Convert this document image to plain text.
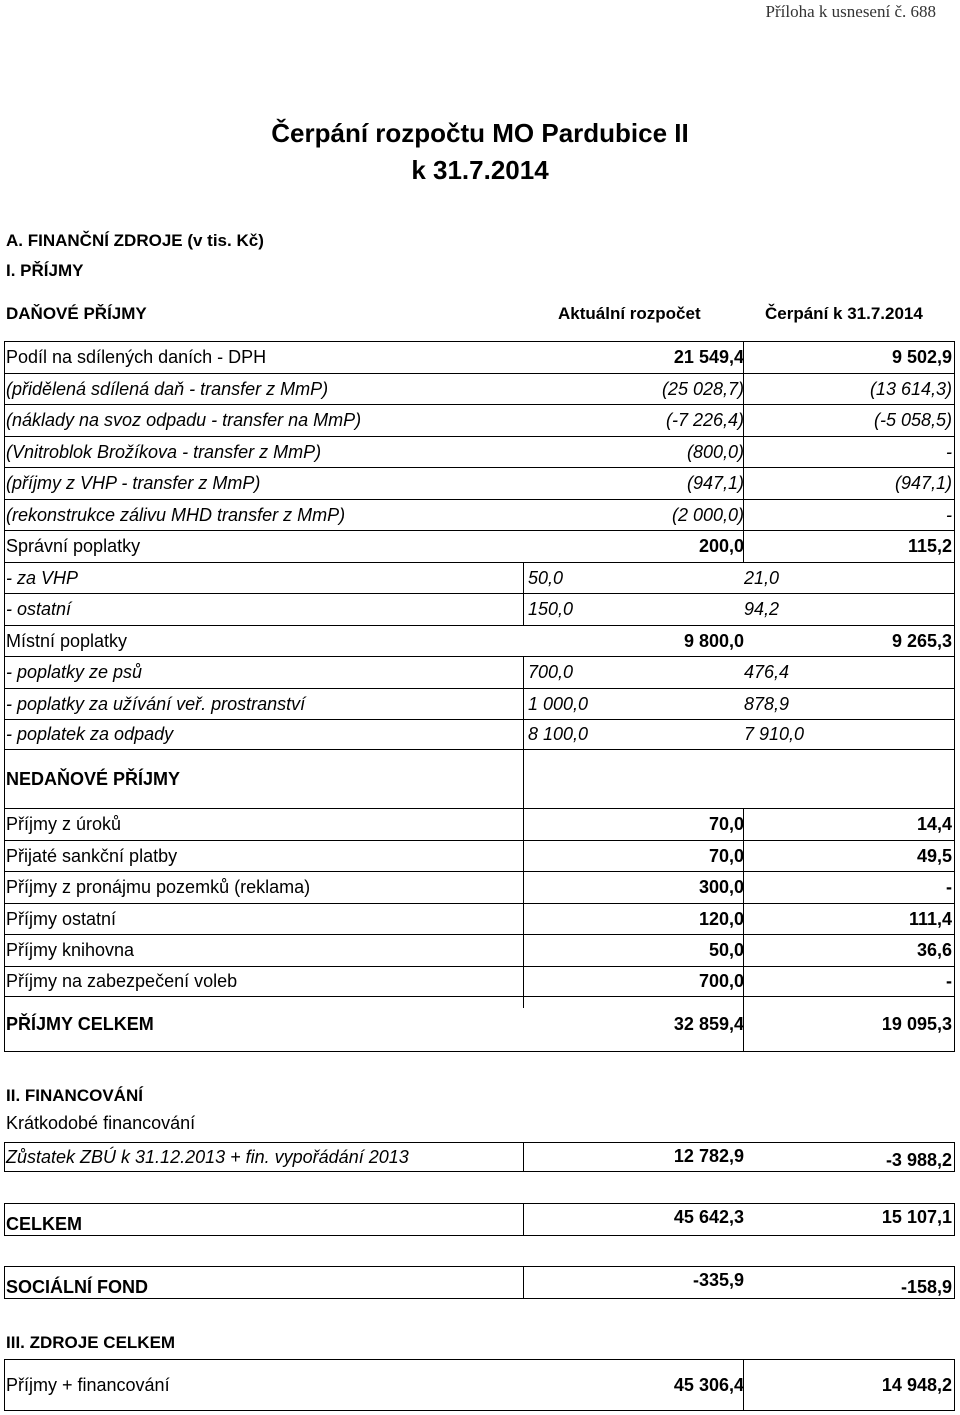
Příloha k usnesení č. 688
Čerpání rozpočtu MO Pardubice II
k 31.7.2014
A. FINANČNÍ ZDROJE (v tis. Kč)
I. PŘÍJMY
DAŇOVÉ PŘÍJMY	Aktuální rozpočet	Čerpání k 31.7.2014
Podíl na sdílených daních - DPH	21 549,4	9 502,9
(přidělená sdílená daň - transfer z MmP)	(25 028,7)	(13 614,3)
(náklady na svoz odpadu - transfer na MmP)	(-7 226,4)	(-5 058,5)
(Vnitroblok Brožíkova - transfer z MmP)	(800,0)	-
(příjmy z VHP - transfer z MmP)	(947,1)	(947,1)
(rekonstrukce zálivu MHD transfer z MmP)	(2 000,0)	-
Správní poplatky	200,0	115,2
- za VHP	50,0	21,0
- ostatní	150,0	94,2
Místní poplatky	9 800,0	9 265,3
- poplatky ze psů	700,0	476,4
- poplatky za užívání veř. prostranství	1 000,0	878,9
- poplatek za odpady	8 100,0	7 910,0
NEDAŇOVÉ PŘÍJMY
Příjmy z úroků	70,0	14,4
Přijaté sankční platby	70,0	49,5
Příjmy z pronájmu pozemků (reklama)	300,0	-
Příjmy ostatní	120,0	111,4
Příjmy knihovna	50,0	36,6
Příjmy na zabezpečení voleb	700,0	-
PŘÍJMY CELKEM	32 859,4	19 095,3
II. FINANCOVÁNÍ
Krátkodobé financování
Zůstatek ZBÚ k 31.12.2013 + fin. vypořádání 2013	12 782,9	-3 988,2
CELKEM	45 642,3	15 107,1
SOCIÁLNÍ FOND	-335,9	-158,9
III. ZDROJE CELKEM
Příjmy + financování	45 306,4	14 948,2
